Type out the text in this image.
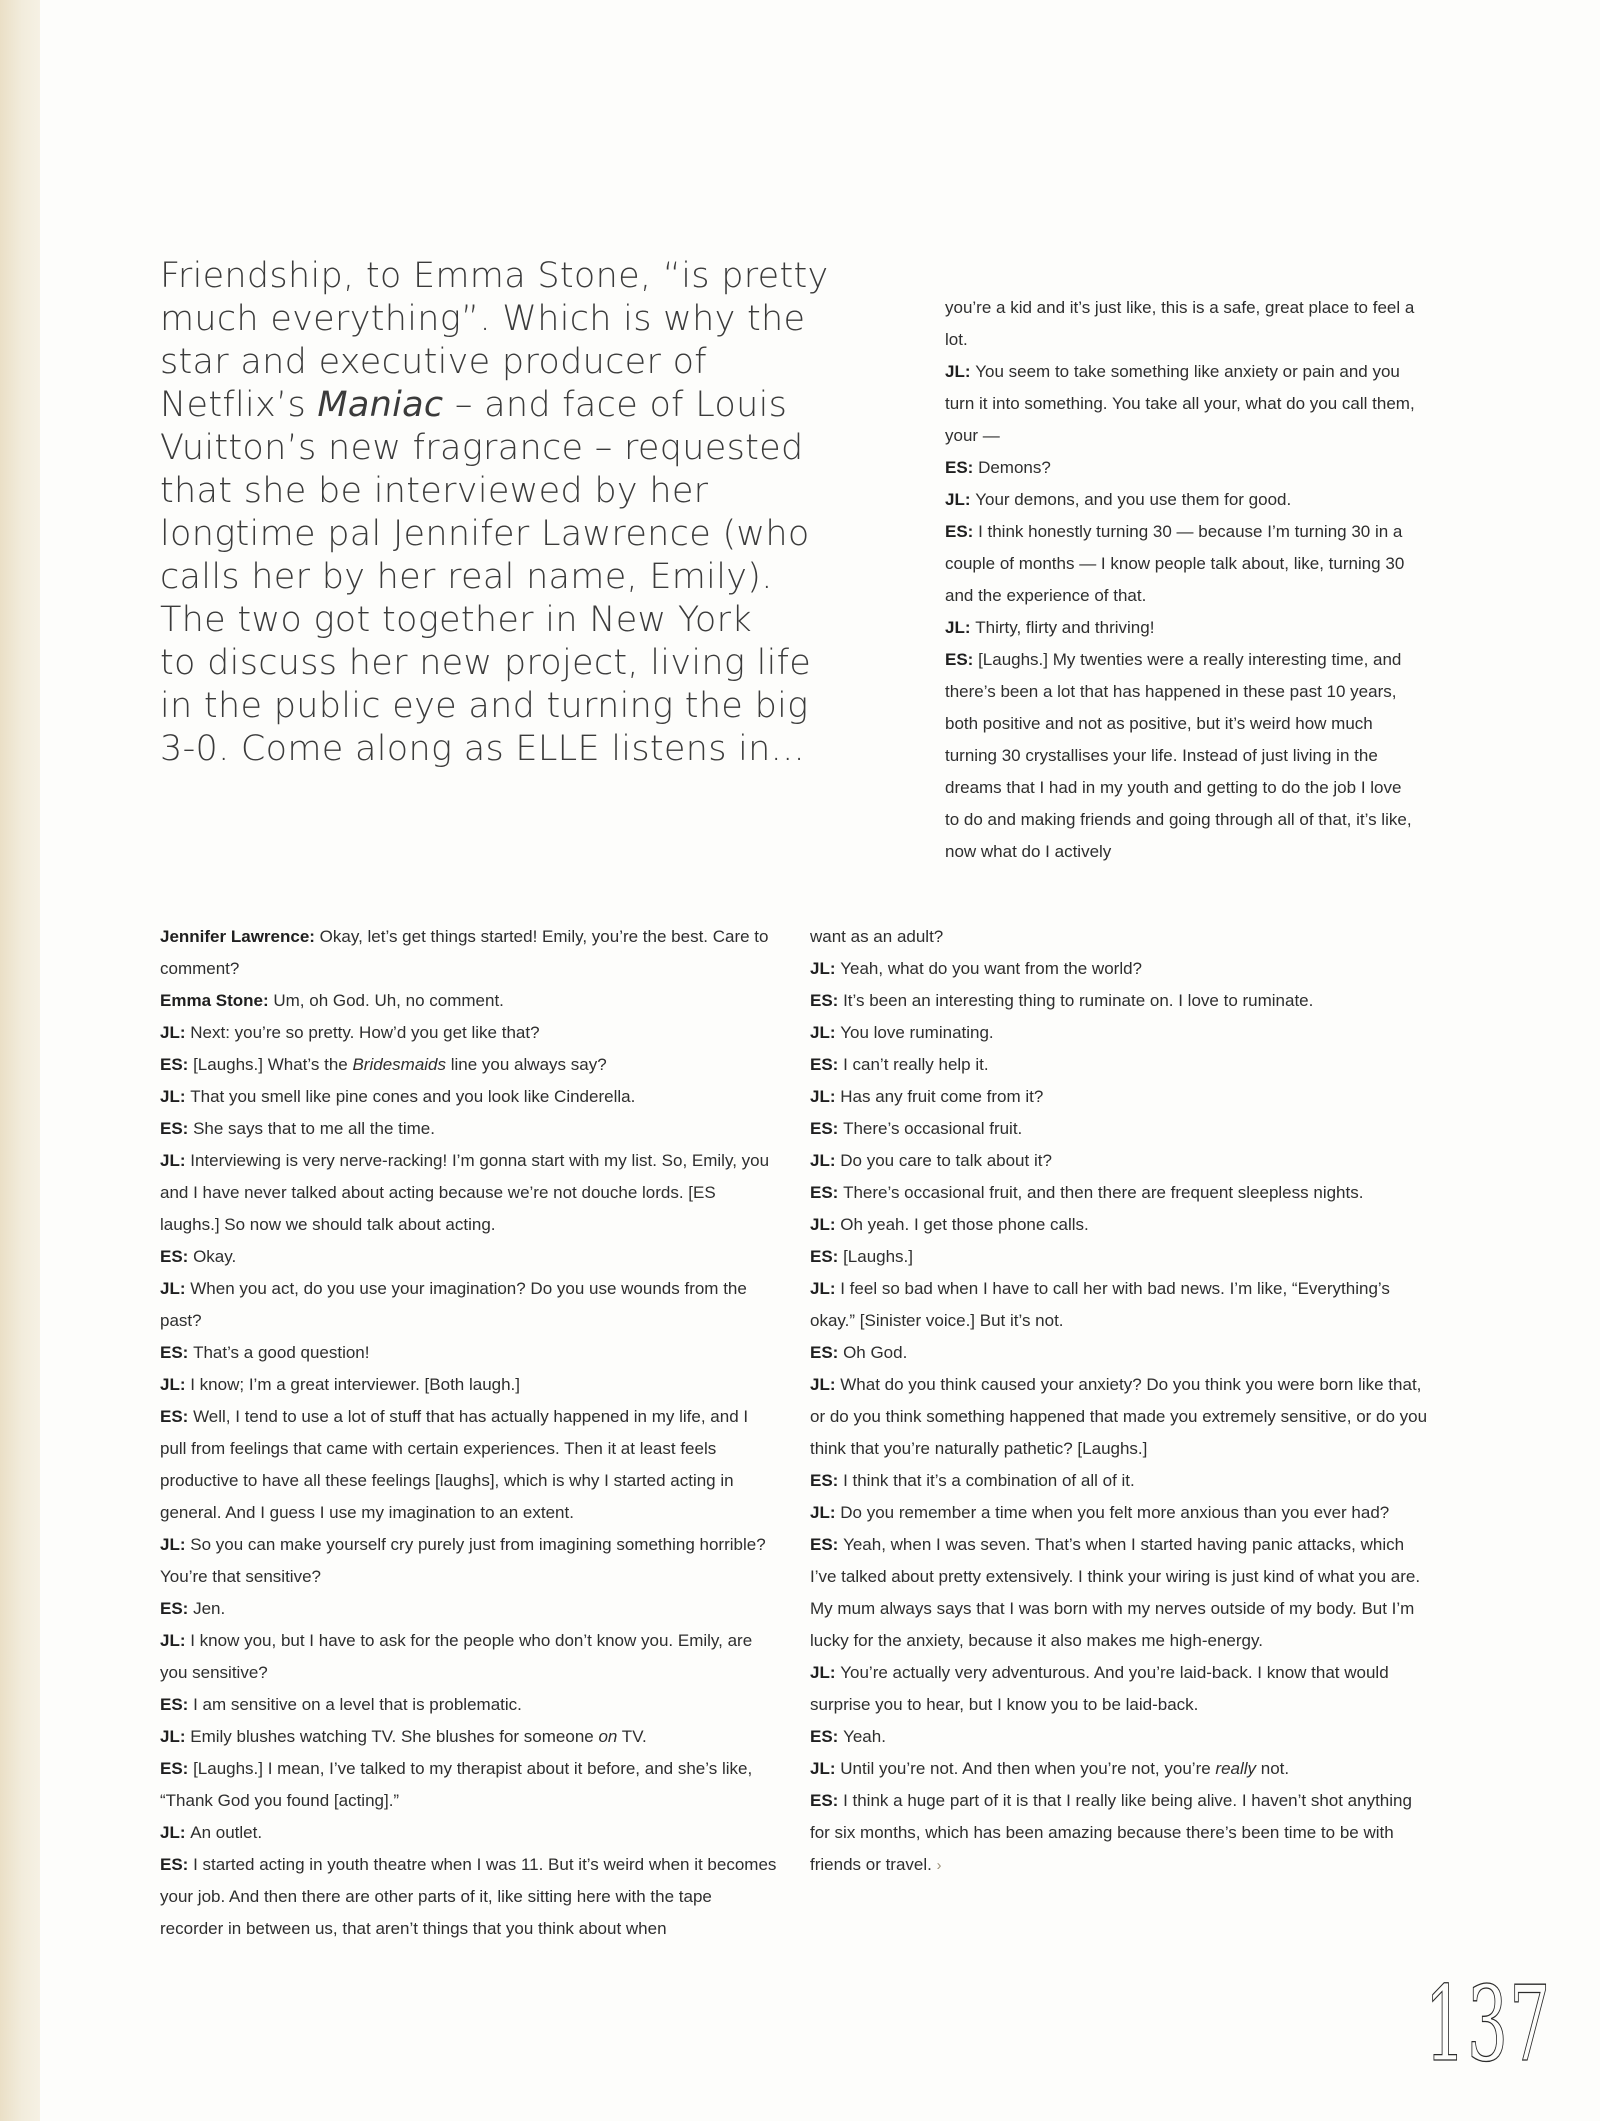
Friendship, to Emma Stone, “is pretty
much everything”. Which is why the
star and executive producer of
Netflix’s Maniac – and face of Louis
Vuitton’s new fragrance – requested
that she be interviewed by her
longtime pal Jennifer Lawrence (who
calls her by her real name, Emily).
The two got together in New York
to discuss her new project, living life
in the public eye and turning the big
3-0. Come along as ELLE listens in...

Jennifer Lawrence: Okay, let’s get things started! Emily, you’re the best. Care to comment?

Emma Stone: Um, oh God. Uh, no comment.

JL: Next: you’re so pretty. How’d you get like that?

ES: [Laughs.] What’s the Bridesmaids line you always say?

JL: That you smell like pine cones and you look like Cinderella.

ES: She says that to me all the time.

JL: Interviewing is very nerve-racking! I’m gonna start with my list. So, Emily, you and I have never talked about acting because we’re not douche lords. [ES laughs.] So now we should talk about acting.

ES: Okay.

JL: When you act, do you use your imagination? Do you use wounds from the past?

ES: That’s a good question!

JL: I know; I’m a great interviewer. [Both laugh.]

ES: Well, I tend to use a lot of stuff that has actually happened in my life, and I pull from feelings that came with certain experiences. Then it at least feels productive to have all these feelings [laughs], which is why I started acting in general. And I guess I use my imagination to an extent.

JL: So you can make yourself cry purely just from imagining something horrible? You’re that sensitive?

ES: Jen.

JL: I know you, but I have to ask for the people who don’t know you. Emily, are you sensitive?

ES: I am sensitive on a level that is problematic.

JL: Emily blushes watching TV. She blushes for someone on TV.

ES: [Laughs.] I mean, I’ve talked to my therapist about it before, and she’s like, “Thank God you found [acting].”

JL: An outlet.

ES: I started acting in youth theatre when I was 11. But it’s weird when it becomes your job. And then there are other parts of it, like sitting here with the tape recorder in between us, that aren’t things that you think about when

you’re a kid and it’s just like, this is a safe, great place to feel a lot.

JL: You seem to take something like anxiety or pain and you turn it into something. You take all your, what do you call them, your —

ES: Demons?

JL: Your demons, and you use them for good.

ES: I think honestly turning 30 — because I’m turning 30 in a couple of months — I know people talk about, like, turning 30 and the experience of that.

JL: Thirty, flirty and thriving!

ES: [Laughs.] My twenties were a really interesting time, and there’s been a lot that has happened in these past 10 years, both positive and not as positive, but it’s weird how much turning 30 crystallises your life. Instead of just living in the dreams that I had in my youth and getting to do the job I love to do and making friends and going through all of that, it’s like, now what do I actively

want as an adult?

JL: Yeah, what do you want from the world?

ES: It’s been an interesting thing to ruminate on. I love to ruminate.

JL: You love ruminating.

ES: I can’t really help it.

JL: Has any fruit come from it?

ES: There’s occasional fruit.

JL: Do you care to talk about it?

ES: There’s occasional fruit, and then there are frequent sleepless nights.

JL: Oh yeah. I get those phone calls.

ES: [Laughs.]

JL: I feel so bad when I have to call her with bad news. I’m like, “Everything’s okay.” [Sinister voice.] But it’s not.

ES: Oh God.

JL: What do you think caused your anxiety? Do you think you were born like that, or do you think something happened that made you extremely sensitive, or do you think that you’re naturally pathetic? [Laughs.]

ES: I think that it’s a combination of all of it.

JL: Do you remember a time when you felt more anxious than you ever had?

ES: Yeah, when I was seven. That’s when I started having panic attacks, which I’ve talked about pretty extensively. I think your wiring is just kind of what you are. My mum always says that I was born with my nerves outside of my body. But I’m lucky for the anxiety, because it also makes me high-energy.

JL: You’re actually very adventurous. And you’re laid-back. I know that would surprise you to hear, but I know you to be laid-back.

ES: Yeah.

JL: Until you’re not. And then when you’re not, you’re really not.

ES: I think a huge part of it is that I really like being alive. I haven’t shot anything for six months, which has been amazing because there’s been time to be with friends or travel. ›

137
